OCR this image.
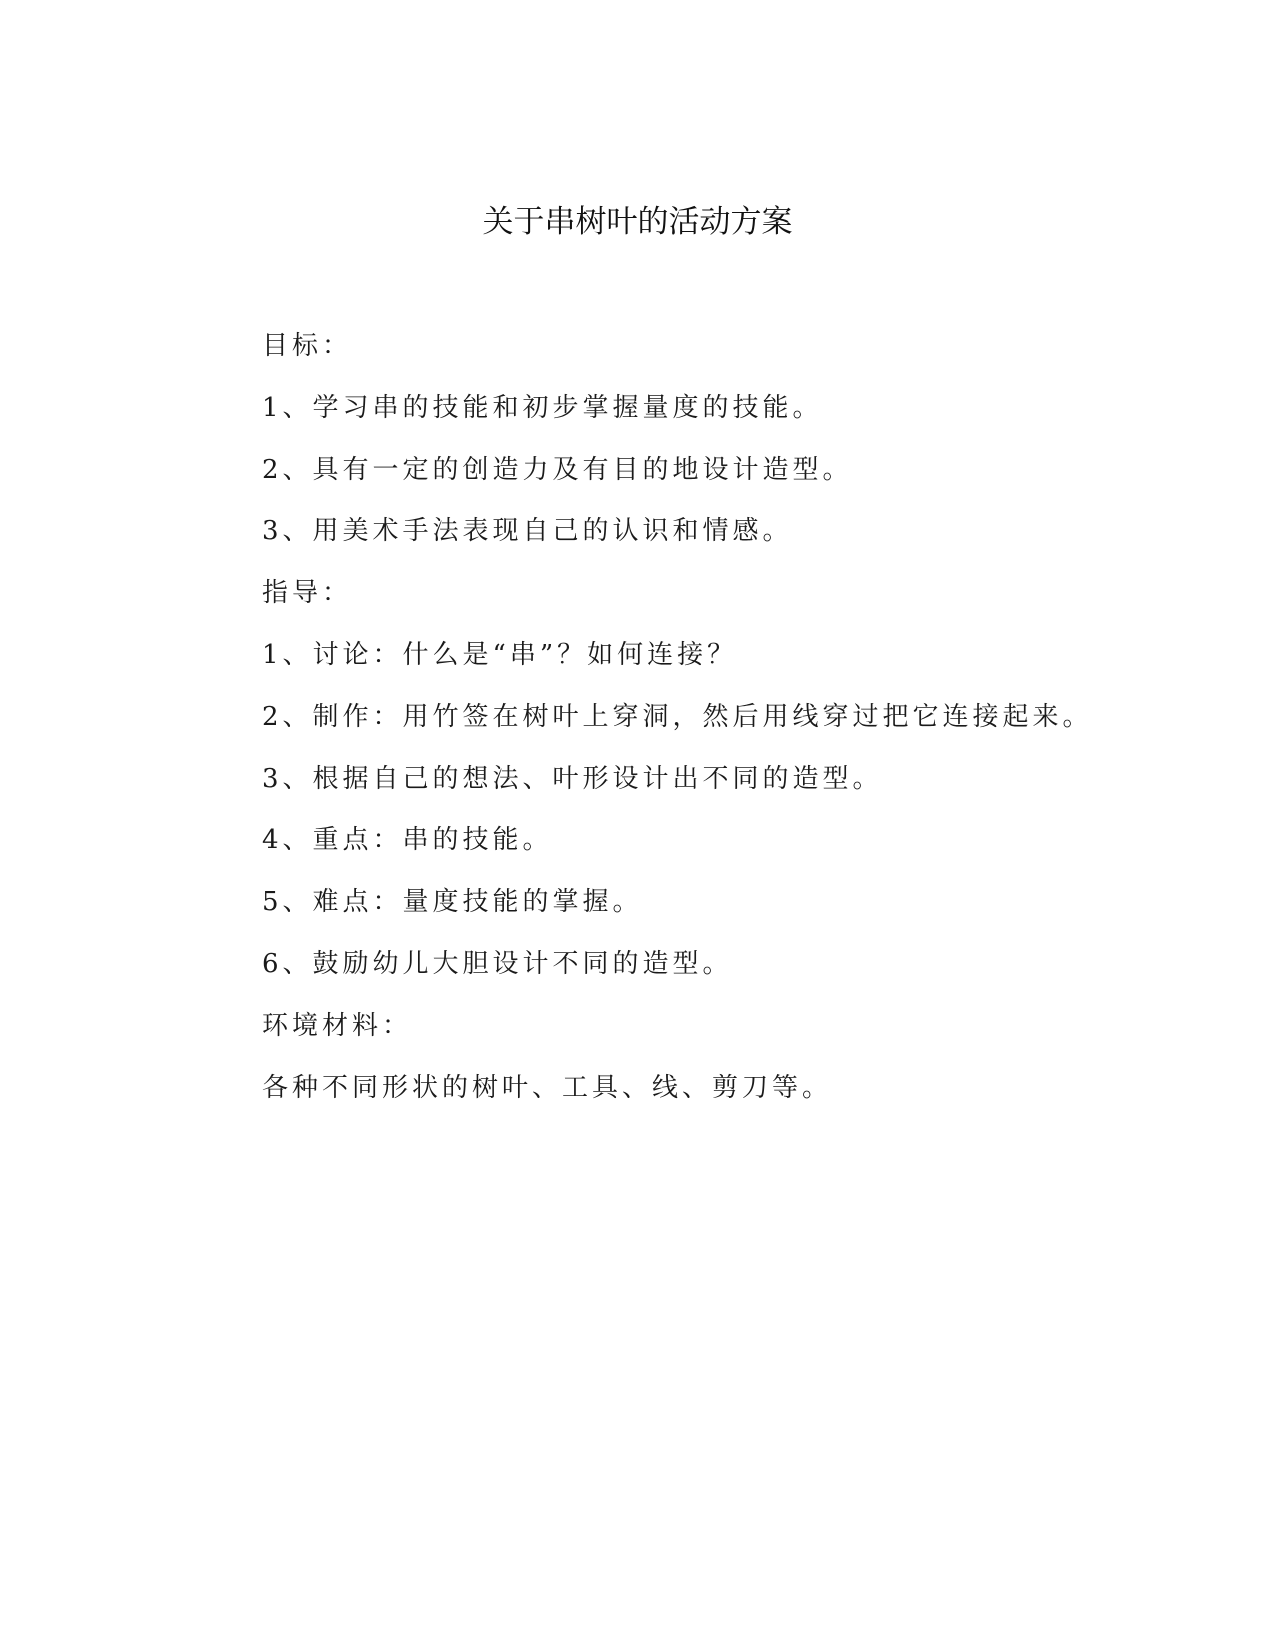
关于串树叶的活动方案
目标：
1、学习串的技能和初步掌握量度的技能。
2、具有一定的创造力及有目的地设计造型。
3、用美术手法表现自己的认识和情感。
指导：
1、讨论：什么是“串”？如何连接？
2、制作：用竹签在树叶上穿洞，然后用线穿过把它连接起来。
3、根据自己的想法、叶形设计出不同的造型。
4、重点：串的技能。
5、难点：量度技能的掌握。
6、鼓励幼儿大胆设计不同的造型。
环境材料：
各种不同形状的树叶、工具、线、剪刀等。
